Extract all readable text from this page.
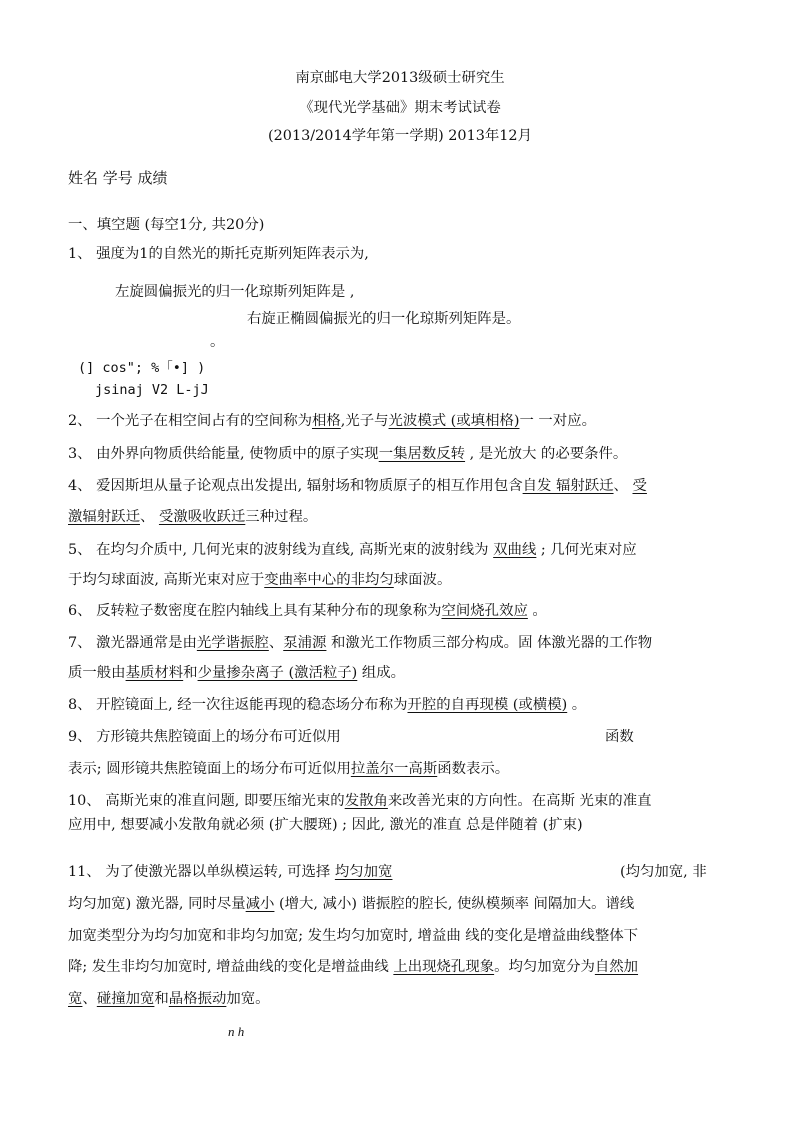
南京邮电大学2013级硕士研究生
《现代光学基础》期末考试试卷
(2013/2014学年第一学期) 2013年12月
姓名 学号 成绩
一、填空题 (每空1分, 共20分)
1、 强度为1的自然光的斯托克斯列矩阵表示为,
左旋圆偏振光的归一化琼斯列矩阵是 ,
右旋正椭圆偏振光的归一化琼斯列矩阵是。
。
(] cos"; %「•] )
jsinaj V2 L-jJ
2、 一个光子在相空间占有的空间称为相格,光子与光波模式 (或填相格)一 一对应。
3、 由外界向物质供给能量, 使物质中的原子实现一集居数反转 , 是光放大 的必要条件。
4、 爱因斯坦从量子论观点出发提出, 辐射场和物质原子的相互作用包含自发 辐射跃迁、 受
激辐射跃迁、 受激吸收跃迁三种过程。
5、 在均匀介质中, 几何光束的波射线为直线, 高斯光束的波射线为 双曲线 ; 几何光束对应
于均匀球面波, 高斯光束对应于变曲率中心的非均匀球面波。
6、 反转粒子数密度在腔内轴线上具有某种分布的现象称为空间烧孔效应 。
7、 激光器通常是由光学谐振腔、泵浦源 和激光工作物质三部分构成。固 体激光器的工作物
质一般由基质材料和少量掺杂离子 (激活粒子) 组成。
8、 开腔镜面上, 经一次往返能再现的稳态场分布称为开腔的自再现模 (或横模) 。
9、 方形镜共焦腔镜面上的场分布可近似用	函数
表示; 圆形镜共焦腔镜面上的场分布可近似用拉盖尔一高斯函数表示。
10、 高斯光束的准直问题, 即要压缩光束的发散角来改善光束的方向性。在高斯 光束的准直
应用中, 想要减小发散角就必须 (扩大腰斑) ; 因此, 激光的准直 总是伴随着 (扩束)
11、 为了使激光器以单纵模运转, 可选择 均匀加宽	(均匀加宽, 非
均匀加宽) 激光器, 同时尽量减小 (增大, 减小) 谐振腔的腔长, 使纵模频率 间隔加大。谱线
加宽类型分为均匀加宽和非均匀加宽; 发生均匀加宽时, 增益曲 线的变化是增益曲线整体下
降; 发生非均匀加宽时, 增益曲线的变化是增益曲线 上出现烧孔现象。均匀加宽分为自然加
宽、碰撞加宽和晶格振动加宽。
n h
